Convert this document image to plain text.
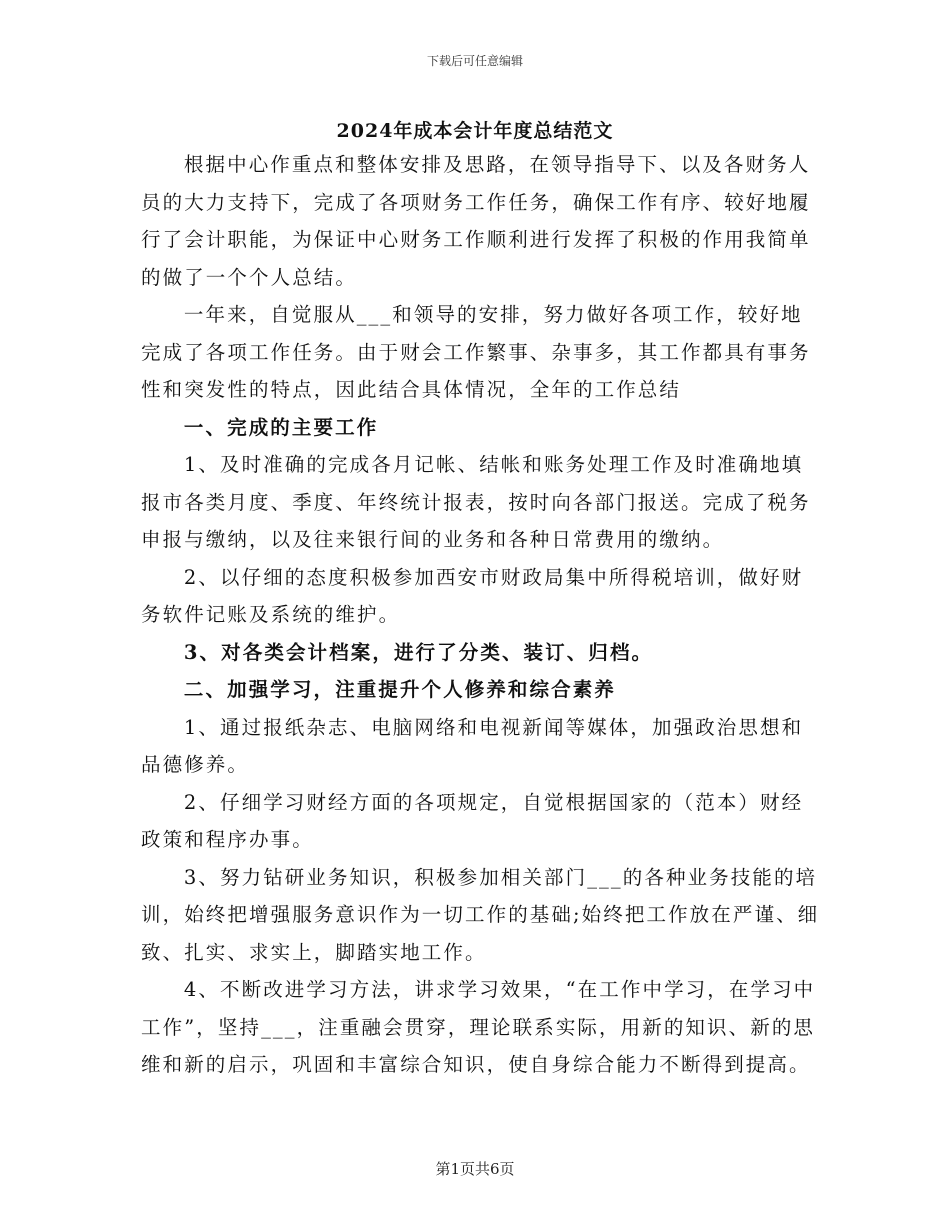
下载后可任意编辑
2024年成本会计年度总结范文

根据中心作重点和整体安排及思路，在领导指导下、以及各财务人员的大力支持下，完成了各项财务工作任务，确保工作有序、较好地履行了会计职能，为保证中心财务工作顺利进行发挥了积极的作用我简单的做了一个个人总结。

一年来，自觉服从___和领导的安排，努力做好各项工作，较好地完成了各项工作任务。由于财会工作繁事、杂事多，其工作都具有事务性和突发性的特点，因此结合具体情况，全年的工作总结

一、完成的主要工作

1、及时准确的完成各月记帐、结帐和账务处理工作及时准确地填报市各类月度、季度、年终统计报表，按时向各部门报送。完成了税务申报与缴纳，以及往来银行间的业务和各种日常费用的缴纳。

2、以仔细的态度积极参加西安市财政局集中所得税培训，做好财务软件记账及系统的维护。

3、对各类会计档案，进行了分类、装订、归档。

二、加强学习，注重提升个人修养和综合素养

1、通过报纸杂志、电脑网络和电视新闻等媒体，加强政治思想和品德修养。

2、仔细学习财经方面的各项规定，自觉根据国家的（范本）财经政策和程序办事。

3、努力钻研业务知识，积极参加相关部门___的各种业务技能的培训，始终把增强服务意识作为一切工作的基础;始终把工作放在严谨、细致、扎实、求实上，脚踏实地工作。

4、不断改进学习方法，讲求学习效果，“在工作中学习，在学习中工作”，坚持___，注重融会贯穿，理论联系实际，用新的知识、新的思维和新的启示，巩固和丰富综合知识，使自身综合能力不断得到提高。

第1页共6页
